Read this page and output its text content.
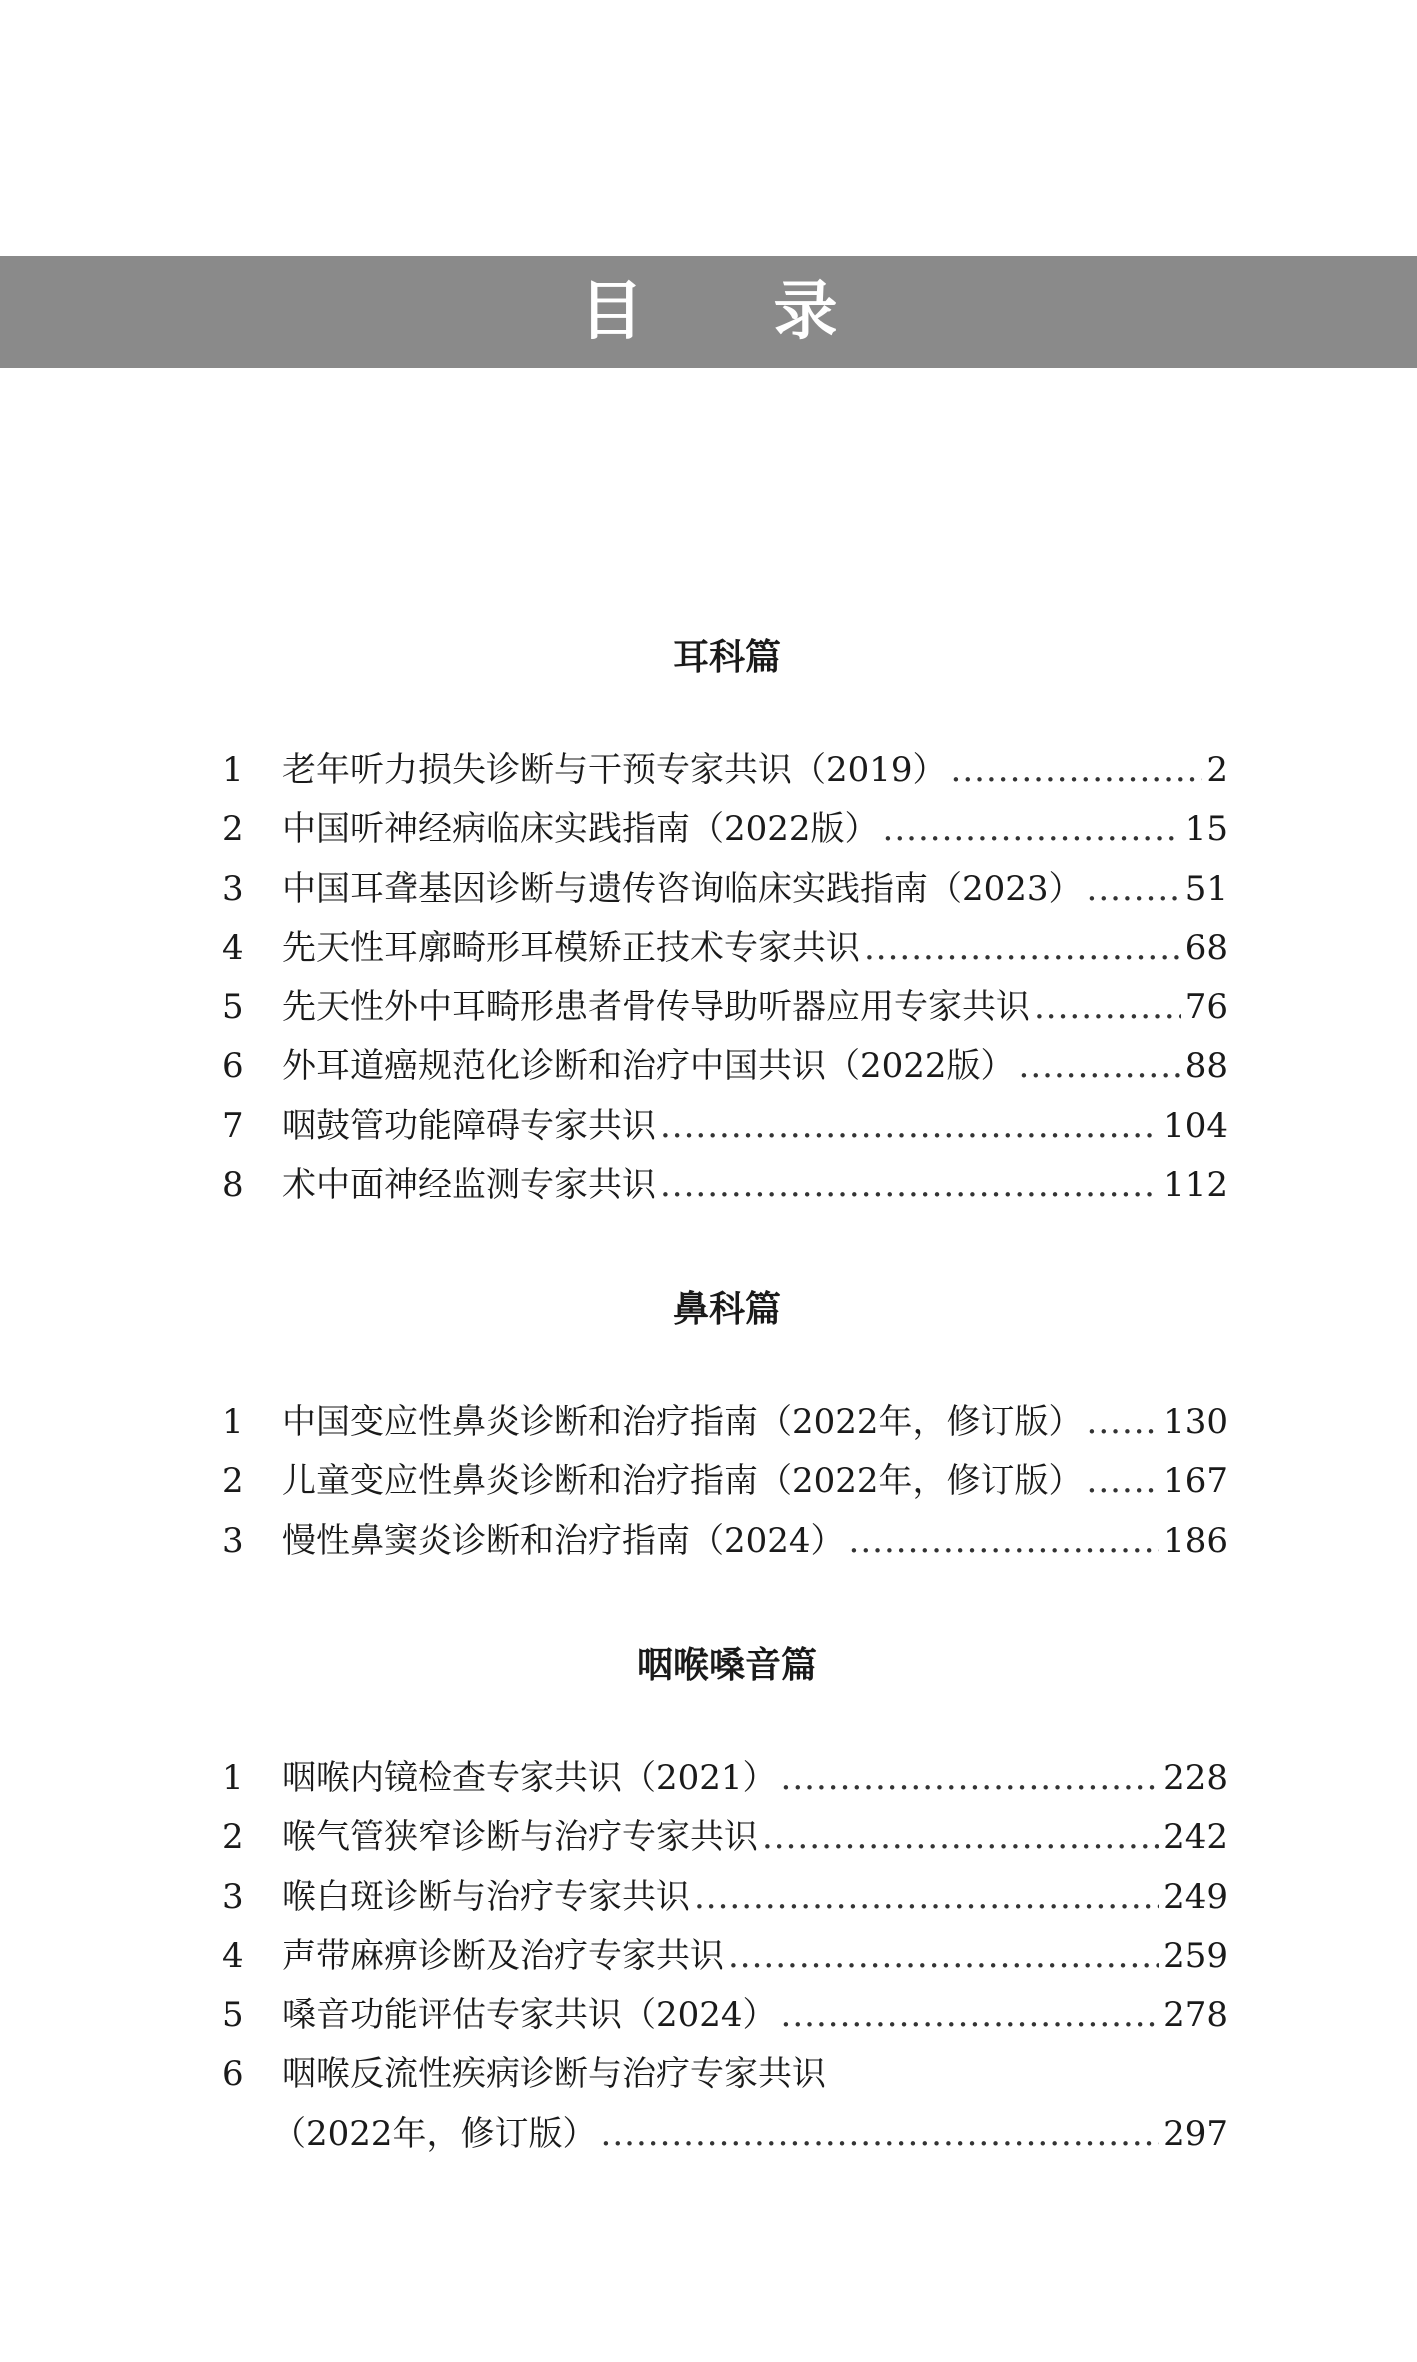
目录
耳科篇
1	老年听力损失诊断与干预专家共识（2019） .....	2
2	中国听神经病临床实践指南（2022版） .....	15
3	中国耳聋基因诊断与遗传咨询临床实践指南（2023） .....	51
4	先天性耳廓畸形耳模矫正技术专家共识 .....	68
5	先天性外中耳畸形患者骨传导助听器应用专家共识 .....	76
6	外耳道癌规范化诊断和治疗中国共识（2022版） .....	88
7	咽鼓管功能障碍专家共识 .....	104
8	术中面神经监测专家共识 .....	112
鼻科篇
1	中国变应性鼻炎诊断和治疗指南（2022年，修订版） ..... 130
2	儿童变应性鼻炎诊断和治疗指南（2022年，修订版） ..... 167
3	慢性鼻窦炎诊断和治疗指南（2024） .....	186
咽喉嗓音篇
1	咽喉内镜检查专家共识（2021） .....	228
2	喉气管狭窄诊断与治疗专家共识 .....	242
3	喉白斑诊断与治疗专家共识 .....	249
4	声带麻痹诊断及治疗专家共识 .....	259
5	嗓音功能评估专家共识（2024） .....	278
6	咽喉反流性疾病诊断与治疗专家共识
（2022年，修订版） .....	297
